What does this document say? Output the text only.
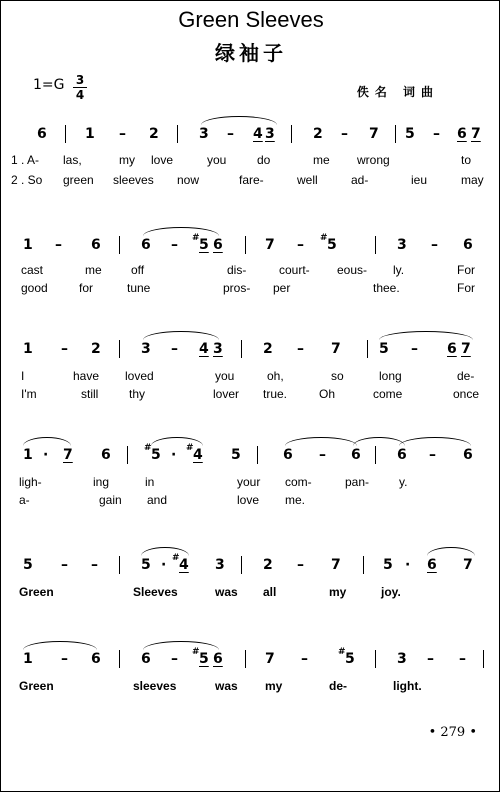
Green Sleeves
绿袖子
1=G 3
4	佚名 词曲
6	1 – 2	3 – 4 3	2 – 7 5 – 6 7
1 . A- las,	my love	you	do	me wrong	to
2 . So green sleeves now	fare-	well	ad-	ieu	may
1 – 6	6 – 5
# 6	7 – 5
#	3 – 6
cast	me off	dis-	court- eous- ly.	For
good	for	tune	pros- per	thee.	For
1 – 2	3 – 4 3	2 – 7	5 – 6 7
I	have loved	you	oh,	so	long	de-
I'm	still	thy	lover true.	Oh	come	once
1 · 7 6	5
# · 4
#	5	6 – 6	6 – 6
ligh-	ing	in	your com-	pan- y.
a-	gain and	love me.
5 – –	5 · 4
#	3	2 – 7	5 · 6 7
Green	Sleeves	was all	my	joy.
1 – 6	6 – 5
# 6	7 –	5
#	3 – –
Green	sleeves	was my	de-	light.
• 279 •
